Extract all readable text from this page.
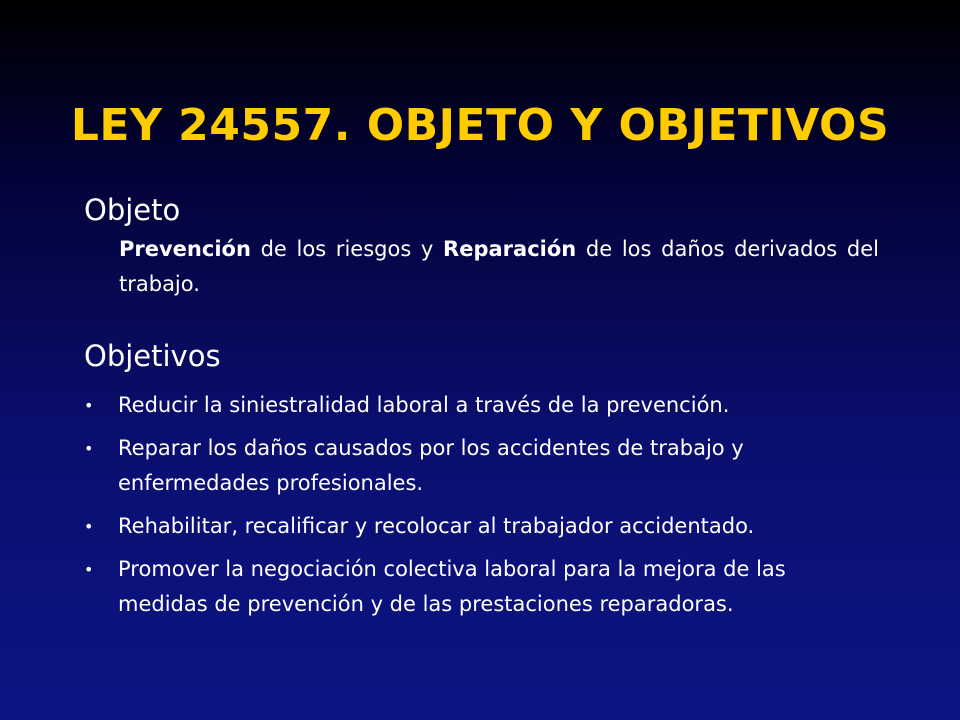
LEY 24557. OBJETO Y OBJETIVOS
Objeto
Prevención de los riesgos y Reparación de los daños derivados del trabajo.
Objetivos
•	Reducir la siniestralidad laboral a través de la prevención.
•	Reparar los daños causados por los accidentes de trabajo y enfermedades profesionales.
•	Rehabilitar, recalificar y recolocar al trabajador accidentado.
•	Promover la negociación colectiva laboral para la mejora de las medidas de prevención y de las prestaciones reparadoras.
